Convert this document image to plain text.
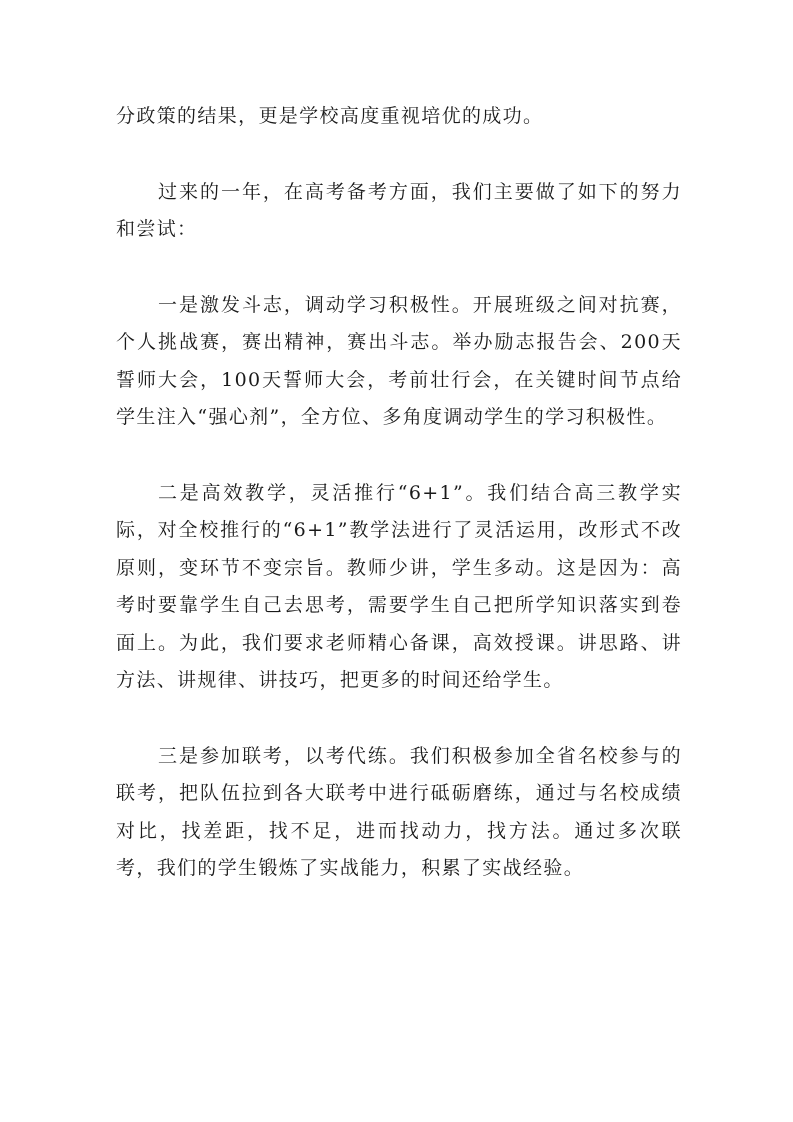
分政策的结果，更是学校高度重视培优的成功。

过来的一年，在高考备考方面，我们主要做了如下的努力和尝试：

一是激发斗志，调动学习积极性。开展班级之间对抗赛，个人挑战赛，赛出精神，赛出斗志。举办励志报告会、200天誓师大会，100天誓师大会，考前壮行会，在关键时间节点给学生注入“强心剂”，全方位、多角度调动学生的学习积极性。

二是高效教学，灵活推行“6+1”。我们结合高三教学实际，对全校推行的“6+1”教学法进行了灵活运用，改形式不改原则，变环节不变宗旨。教师少讲，学生多动。这是因为：高考时要靠学生自己去思考，需要学生自己把所学知识落实到卷面上。为此，我们要求老师精心备课，高效授课。讲思路、讲方法、讲规律、讲技巧，把更多的时间还给学生。

三是参加联考，以考代练。我们积极参加全省名校参与的联考，把队伍拉到各大联考中进行砥砺磨练，通过与名校成绩对比，找差距，找不足，进而找动力，找方法。通过多次联考，我们的学生锻炼了实战能力，积累了实战经验。
